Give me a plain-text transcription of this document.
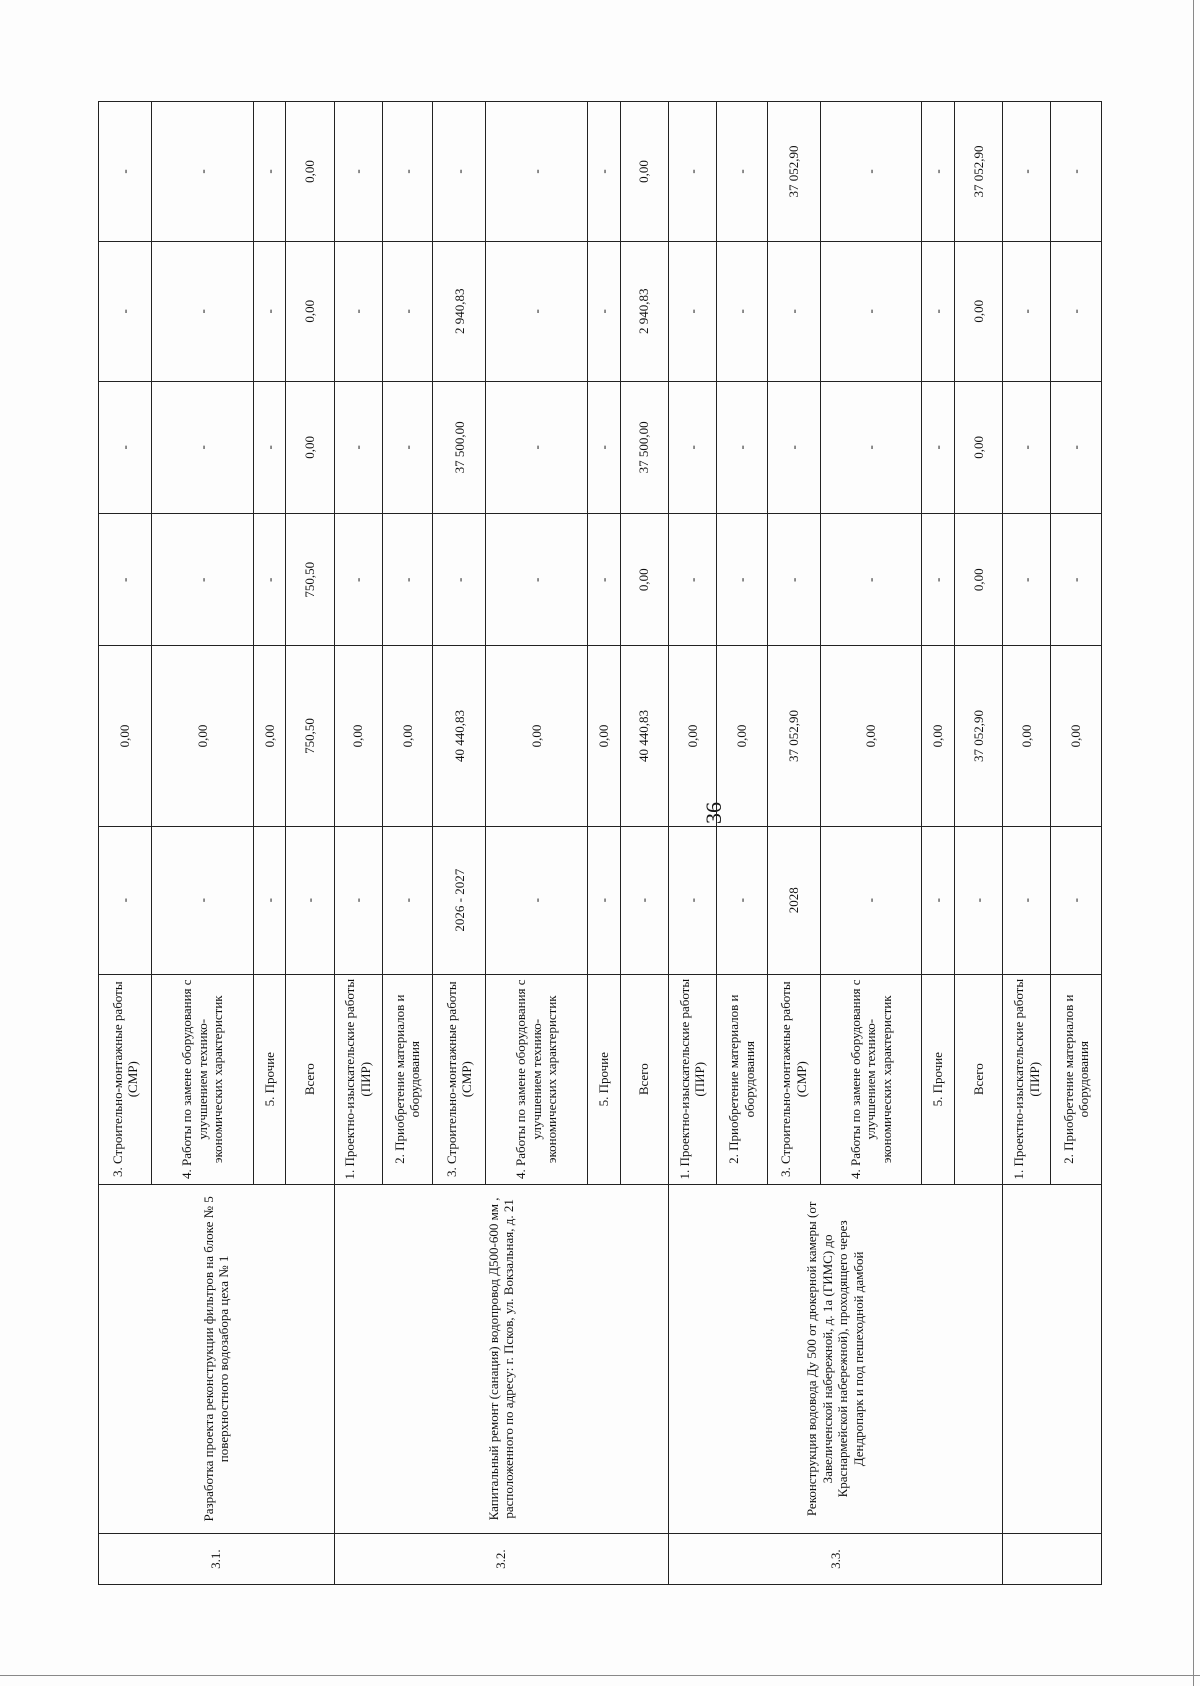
36
3.1.	Разработка проекта реконструкции фильтров на блоке № 5 поверхностного водозабора цеха № 1	3. Строительно-монтажные работы (СМР)	-	0,00	-	-	-	-
		4. Работы по замене оборудования с улучшением технико-экономических характеристик	-	0,00	-	-	-	-
		5. Прочие	-	0,00	-	-	-	-
		Всего	-	750,50	750,50	0,00	0,00	0,00
3.2.	Капитальный ремонт (санация) водопровод Д500-600 мм , расположенного по адресу: г. Псков, ул. Вокзальная, д. 21	1. Проектно-изыскательские работы (ПИР)	-	0,00	-	-	-	-
		2. Приобретение материалов и оборудования	-	0,00	-	-	-	-
		3. Строительно-монтажные работы (СМР)	2026 - 2027	40 440,83	-	37 500,00	2 940,83	-
		4. Работы по замене оборудования с улучшением технико-экономических характеристик	-	0,00	-	-	-	-
		5. Прочие	-	0,00	-	-	-	-
		Всего	-	40 440,83	0,00	37 500,00	2 940,83	0,00
3.3.	Реконструкция водовода Ду 500 от дюкерной камеры (от Завеличенской набережной, д. 1а (ГИМС) до Краснармейской набережной), проходящего через Дендропарк и под пешеходной дамбой	1. Проектно-изыскательские работы (ПИР)	-	0,00	-	-	-	-
		2. Приобретение материалов и оборудования	-	0,00	-	-	-	-
		3. Строительно-монтажные работы (СМР)	2028	37 052,90	-	-	-	37 052,90
		4. Работы по замене оборудования с улучшением технико-экономических характеристик	-	0,00	-	-	-	-
		5. Прочие	-	0,00	-	-	-	-
		Всего	-	37 052,90	0,00	0,00	0,00	37 052,90
		1. Проектно-изыскательские работы (ПИР)	-	0,00	-	-	-	-
		2. Приобретение материалов и оборудования	-	0,00	-	-	-	-
